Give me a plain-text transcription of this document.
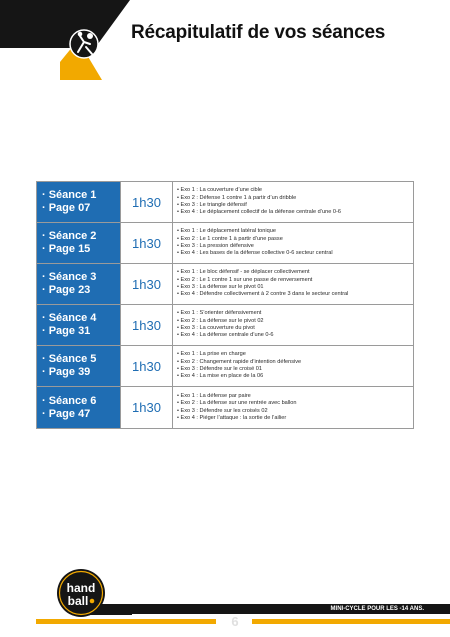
Récapitulatif de vos séances
· Séance 1
· Page 07	1h30
• Exo 1 : La couverture d’une cible
• Exo 2 : Défense 1 contre 1 à partir d’un dribble
• Exo 3 : Le triangle défensif
• Exo 4 : Le déplacement collectif de la défense centrale d’une 0-6
· Séance 2
· Page 15	1h30
• Exo 1 : Le déplacement latéral tonique
• Exo 2 : Le 1 contre 1 à partir d’une passe
• Exo 3 : La pression défensive
• Exo 4 : Les bases de la défense collective 0-6 secteur central
· Séance 3
· Page 23	1h30
• Exo 1 : Le bloc défensif - se déplacer collectivement
• Exo 2 : Le 1 contre 1 sur une passe de renversement
• Exo 3 : La défense sur le pivot 01
• Exo 4 : Défendre collectivement à 2 contre 3 dans le secteur central
· Séance 4
· Page 31	1h30
• Exo 1 : S’orienter défensivement
• Exo 2 : La défense sur le pivot 02
• Exo 3 : La couverture du pivot
• Exo 4 : La défense centrale d’une 0-6
· Séance 5
· Page 39	1h30
• Exo 1 : La prise en charge
• Exo 2 : Changement rapide d’intention défensive
• Exo 3 : Défendre sur le croisé 01
• Exo 4 : La mise en place de la 06
· Séance 6
· Page 47	1h30
• Exo 1 : La défense par paire
• Exo 2 : La défense sur une rentrée avec ballon
• Exo 3 : Défendre sur les croisés 02
• Exo 4 : Piéger l’attaque : la sortie de l’ailier
MINI-CYCLE POUR LES -14 ANS.
6
hand
ball
